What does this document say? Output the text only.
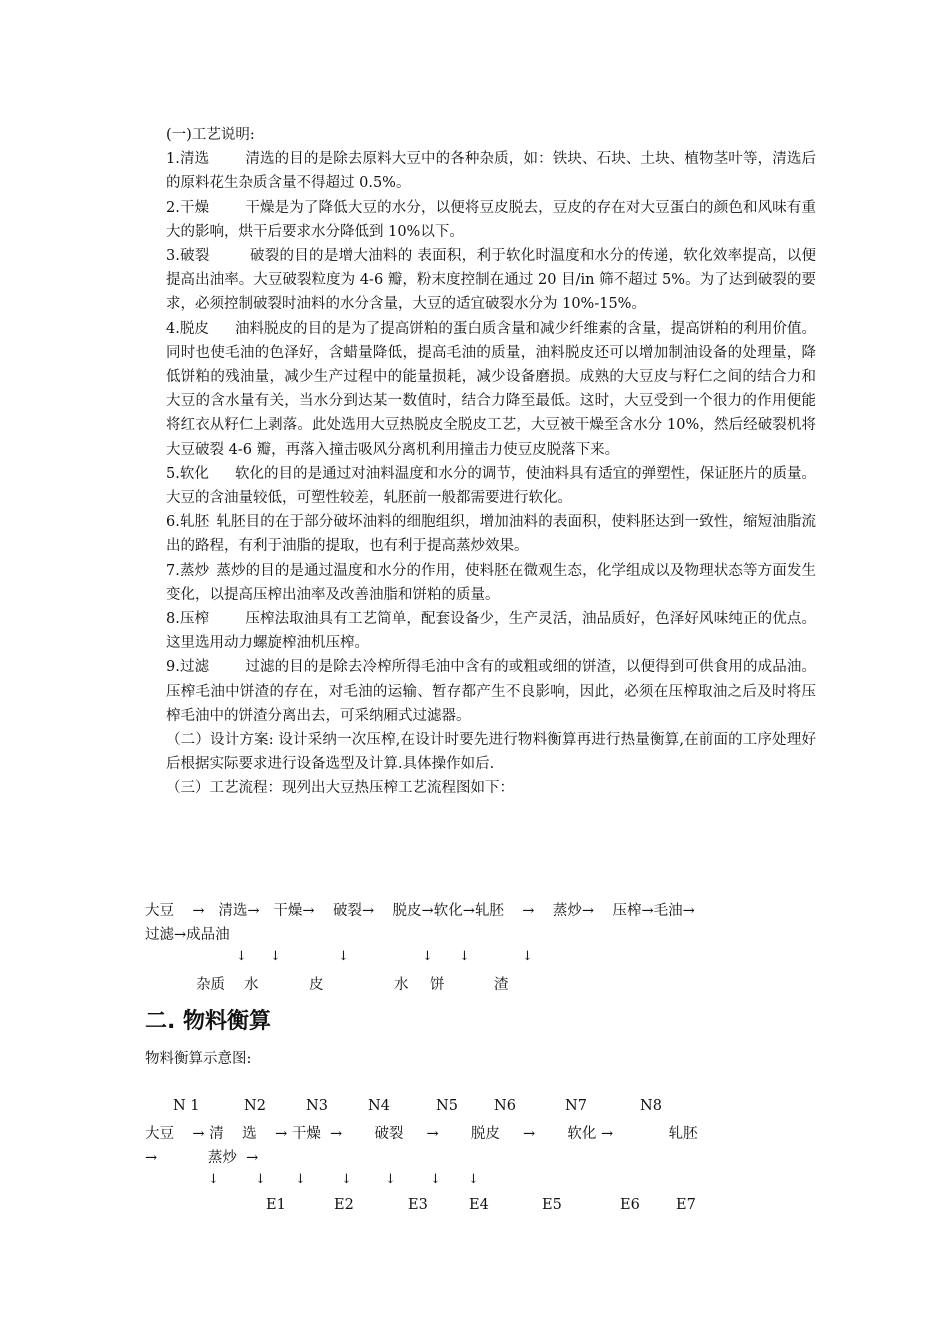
(一)工艺说明:

1.清选 清选的目的是除去原料大豆中的各种杂质，如：铁块、石块、土块、植物茎叶等，清选后的原料花生杂质含量不得超过 0.5%。

2.干燥 干燥是为了降低大豆的水分，以便将豆皮脱去，豆皮的存在对大豆蛋白的颜色和风味有重大的影响，烘干后要求水分降低到 10%以下。

3.破裂	破裂的目的是增大油料的 表面积，利于软化时温度和水分的传递，软化效率提高，以便提高出油率。大豆破裂粒度为 4-6 瓣，粉末度控制在通过 20 目/in 筛不超过 5%。为了达到破裂的要求，必须控制破裂时油料的水分含量，大豆的适宜破裂水分为 10%-15%。

4.脱皮 油料脱皮的目的是为了提高饼粕的蛋白质含量和减少纤维素的含量，提高饼粕的利用价值。同时也使毛油的色泽好，含蜡量降低，提高毛油的质量，油料脱皮还可以增加制油设备的处理量，降低饼粕的残油量，减少生产过程中的能量损耗，减少设备磨损。成熟的大豆皮与籽仁之间的结合力和大豆的含水量有关，当水分到达某一数值时，结合力降至最低。这时，大豆受到一个很力的作用便能将红衣从籽仁上剥落。此处选用大豆热脱皮全脱皮工艺，大豆被干燥至含水分 10%，然后经破裂机将大豆破裂 4-6 瓣，再落入撞击吸风分离机利用撞击力使豆皮脱落下来。

5.软化 软化的目的是通过对油料温度和水分的调节，使油料具有适宜的弹塑性，保证胚片的质量。大豆的含油量较低，可塑性较差，轧胚前一般都需要进行软化。

6.轧胚 轧胚目的在于部分破坏油料的细胞组织，增加油料的表面积，使料胚达到一致性，缩短油脂流出的路程，有利于油脂的提取，也有利于提高蒸炒效果。

7.蒸炒 蒸炒的目的是通过温度和水分的作用，使料胚在微观生态，化学组成以及物理状态等方面发生变化，以提高压榨出油率及改善油脂和饼粕的质量。

8.压榨 压榨法取油具有工艺简单，配套设备少，生产灵活，油品质好，色泽好风味纯正的优点。这里选用动力螺旋榨油机压榨。

9.过滤 过滤的目的是除去冷榨所得毛油中含有的或粗或细的饼渣，以便得到可供食用的成品油。压榨毛油中饼渣的存在，对毛油的运输、暂存都产生不良影响，因此，必须在压榨取油之后及时将压榨毛油中的饼渣分离出去，可采纳厢式过滤器。

（二）设计方案: 设计采纳一次压榨,在设计时要先进行物料衡算再进行热量衡算,在前面的工序处理好后根据实际要求进行设备选型及计算.具体操作如后.

（三）工艺流程：现列出大豆热压榨工艺流程图如下：

大豆    →   清选→   干燥→    破裂→    脱皮→软化→轧胚    →    蒸炒→    压榨→毛油→
过滤→成品油
↓ ↓	↓	↓ ↓	↓
杂质 水	皮	水 饼	渣
二. 物料衡算
物料衡算示意图:
N 1	N2	N3	N4	N5 N6	N7	N8
大豆    → 清    选    → 干燥  →       破裂     →       脱皮     →       软化 →            轧胚
→           蒸炒  →
↓	↓ ↓	↓	↓	↓ ↓
E1	E2	E3	E4	E5	E6 E7
